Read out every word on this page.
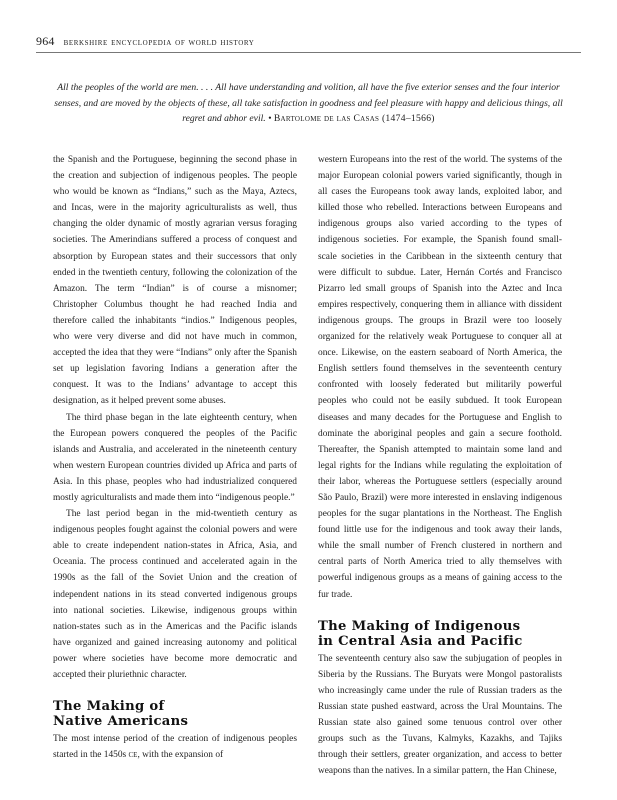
964 berkshire encyclopedia of world history
All the peoples of the world are men. . . . All have understanding and volition, all have the five exterior senses and the four interior senses, and are moved by the objects of these, all take satisfaction in goodness and feel pleasure with happy and delicious things, all regret and abhor evil. • Bartolome de las Casas (1474–1566)

the Spanish and the Portuguese, beginning the second phase in the creation and subjection of indigenous peoples. The people who would be known as “Indians,” such as the Maya, Aztecs, and Incas, were in the majority agriculturalists as well, thus changing the older dynamic of mostly agrarian versus foraging societies. The Amerindians suffered a process of conquest and absorption by European states and their successors that only ended in the twentieth century, following the colonization of the Amazon. The term “Indian” is of course a misnomer; Christopher Columbus thought he had reached India and therefore called the inhabitants “indios.” Indigenous peoples, who were very diverse and did not have much in common, accepted the idea that they were “Indians” only after the Spanish set up legislation favoring Indians a generation after the conquest. It was to the Indians’ advantage to accept this designation, as it helped prevent some abuses.

The third phase began in the late eighteenth century, when the European powers conquered the peoples of the Pacific islands and Australia, and accelerated in the nineteenth century when western European countries divided up Africa and parts of Asia. In this phase, peoples who had industrialized conquered mostly agriculturalists and made them into “indigenous people.”

The last period began in the mid-twentieth century as indigenous peoples fought against the colonial powers and were able to create independent nation-states in Africa, Asia, and Oceania. The process continued and accelerated again in the 1990s as the fall of the Soviet Union and the creation of independent nations in its stead converted indigenous groups into national societies. Likewise, indigenous groups within nation-states such as in the Americas and the Pacific islands have organized and gained increasing autonomy and political power where societies have become more democratic and accepted their pluriethnic character.

The Making of
Native Americans

The most intense period of the creation of indigenous peoples started in the 1450s ce, with the expansion of

western Europeans into the rest of the world. The systems of the major European colonial powers varied significantly, though in all cases the Europeans took away lands, exploited labor, and killed those who rebelled. Interactions between Europeans and indigenous groups also varied according to the types of indigenous societies. For example, the Spanish found small-scale societies in the Caribbean in the sixteenth century that were difficult to subdue. Later, Hernán Cortés and Francisco Pizarro led small groups of Spanish into the Aztec and Inca empires respectively, conquering them in alliance with dissident indigenous groups. The groups in Brazil were too loosely organized for the relatively weak Portuguese to conquer all at once. Likewise, on the eastern seaboard of North America, the English settlers found themselves in the seventeenth century confronted with loosely federated but militarily powerful peoples who could not be easily subdued. It took European diseases and many decades for the Portuguese and English to dominate the aboriginal peoples and gain a secure foothold. Thereafter, the Spanish attempted to maintain some land and legal rights for the Indians while regulating the exploitation of their labor, whereas the Portuguese settlers (especially around São Paulo, Brazil) were more interested in enslaving indigenous peoples for the sugar plantations in the Northeast. The English found little use for the indigenous and took away their lands, while the small number of French clustered in northern and central parts of North America tried to ally themselves with powerful indigenous groups as a means of gaining access to the fur trade.

The Making of Indigenous
in Central Asia and Pacific

The seventeenth century also saw the subjugation of peoples in Siberia by the Russians. The Buryats were Mongol pastoralists who increasingly came under the rule of Russian traders as the Russian state pushed eastward, across the Ural Mountains. The Russian state also gained some tenuous control over other groups such as the Tuvans, Kalmyks, Kazakhs, and Tajiks through their settlers, greater organization, and access to better weapons than the natives. In a similar pattern, the Han Chinese,
